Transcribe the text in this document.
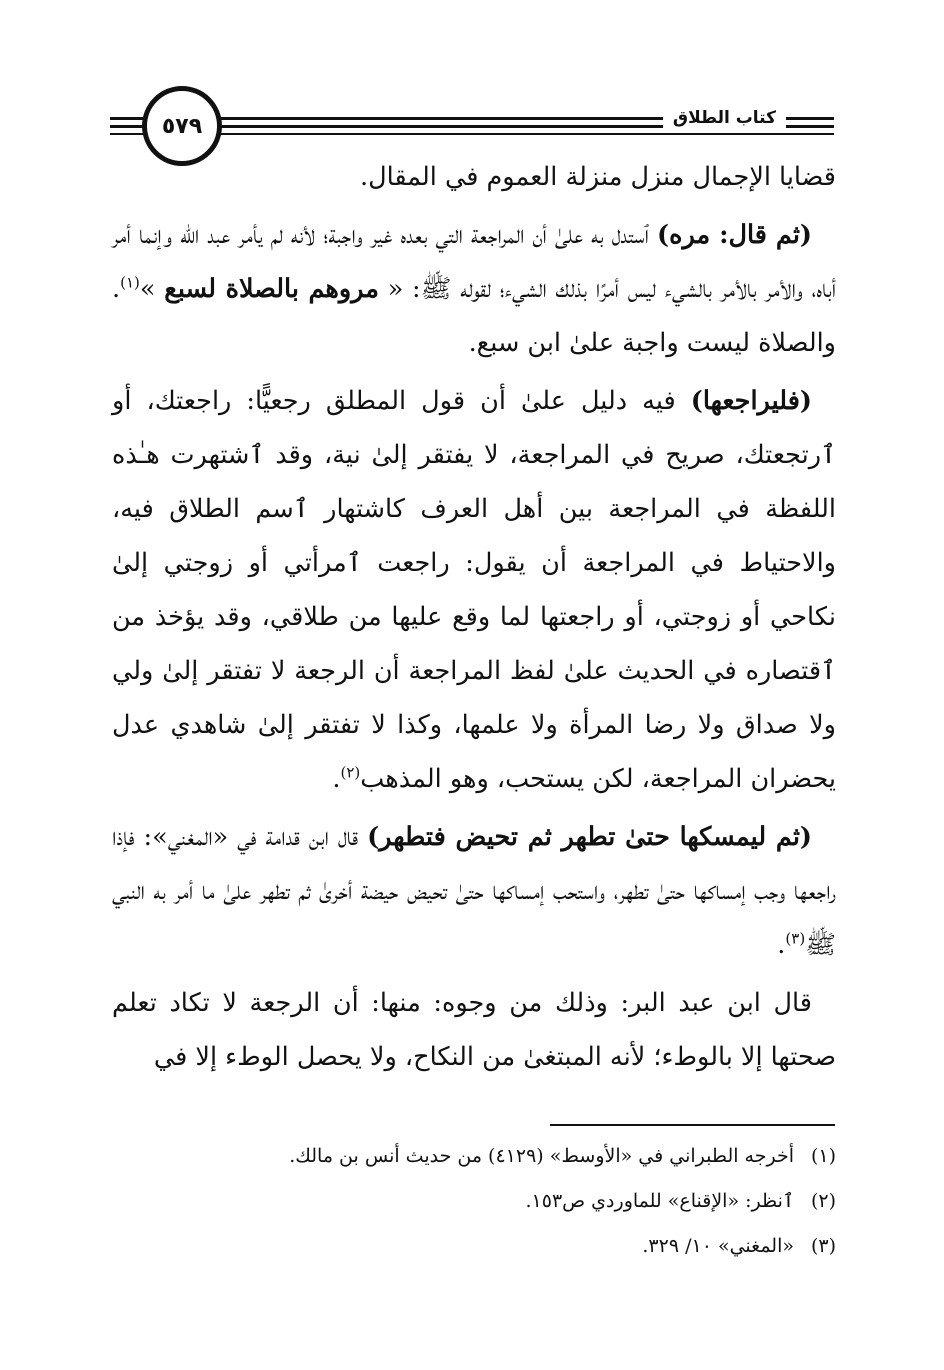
٥٧٩	كتاب الطلاق

قضايا الإجمال منزل منزلة العموم في المقال.

(ثم قال: مره) ٱستدل به علىٰ أن المراجعة التي بعده غير واجبة؛ لأنه لم يأمر عبد الله وإنما أمر أباه، والأمر بالأمر بالشيء ليس أمرًا بذلك الشيء؛ لقوله ﷺ: « مروهم بالصلاة لسبع »$^{(١)}$. والصلاة ليست واجبة علىٰ ابن سبع.

(فليراجعها) فيه دليل علىٰ أن قول المطلق رجعيًّا: راجعتك، أو ٱرتجعتك، صريح في المراجعة، لا يفتقر إلىٰ نية، وقد ٱشتهرت هـٰذه اللفظة في المراجعة بين أهل العرف كاشتهار ٱسم الطلاق فيه، والاحتياط في المراجعة أن يقول: راجعت ٱمرأتي أو زوجتي إلىٰ نكاحي أو زوجتي، أو راجعتها لما وقع عليها من طلاقي، وقد يؤخذ من ٱقتصاره في الحديث علىٰ لفظ المراجعة أن الرجعة لا تفتقر إلىٰ ولي ولا صداق ولا رضا المرأة ولا علمها، وكذا لا تفتقر إلىٰ شاهدي عدل يحضران المراجعة، لكن يستحب، وهو المذهب$^{(٢)}$.

(ثم ليمسكها حتىٰ تطهر ثم تحيض فتطهر) قال ابن قدامة في «المغني»: فإذا راجعها وجب إمساكها حتىٰ تطهر، واستحب إمساكها حتىٰ تحيض حيضة أخرىٰ ثم تطهر علىٰ ما أمر به النبي ﷺ$^{(٣)}$.

قال ابن عبد البر: وذلك من وجوه: منها: أن الرجعة لا تكاد تعلم صحتها إلا بالوطء؛ لأنه المبتغىٰ من النكاح، ولا يحصل الوطء إلا في

(١)أخرجه الطبراني في «الأوسط» (٤١٢٩) من حديث أنس بن مالك.

(٢)ٱنظر: «الإقناع» للماوردي ص١٥٣.

(٣)«المغني» ١٠/ ٣٢٩.
